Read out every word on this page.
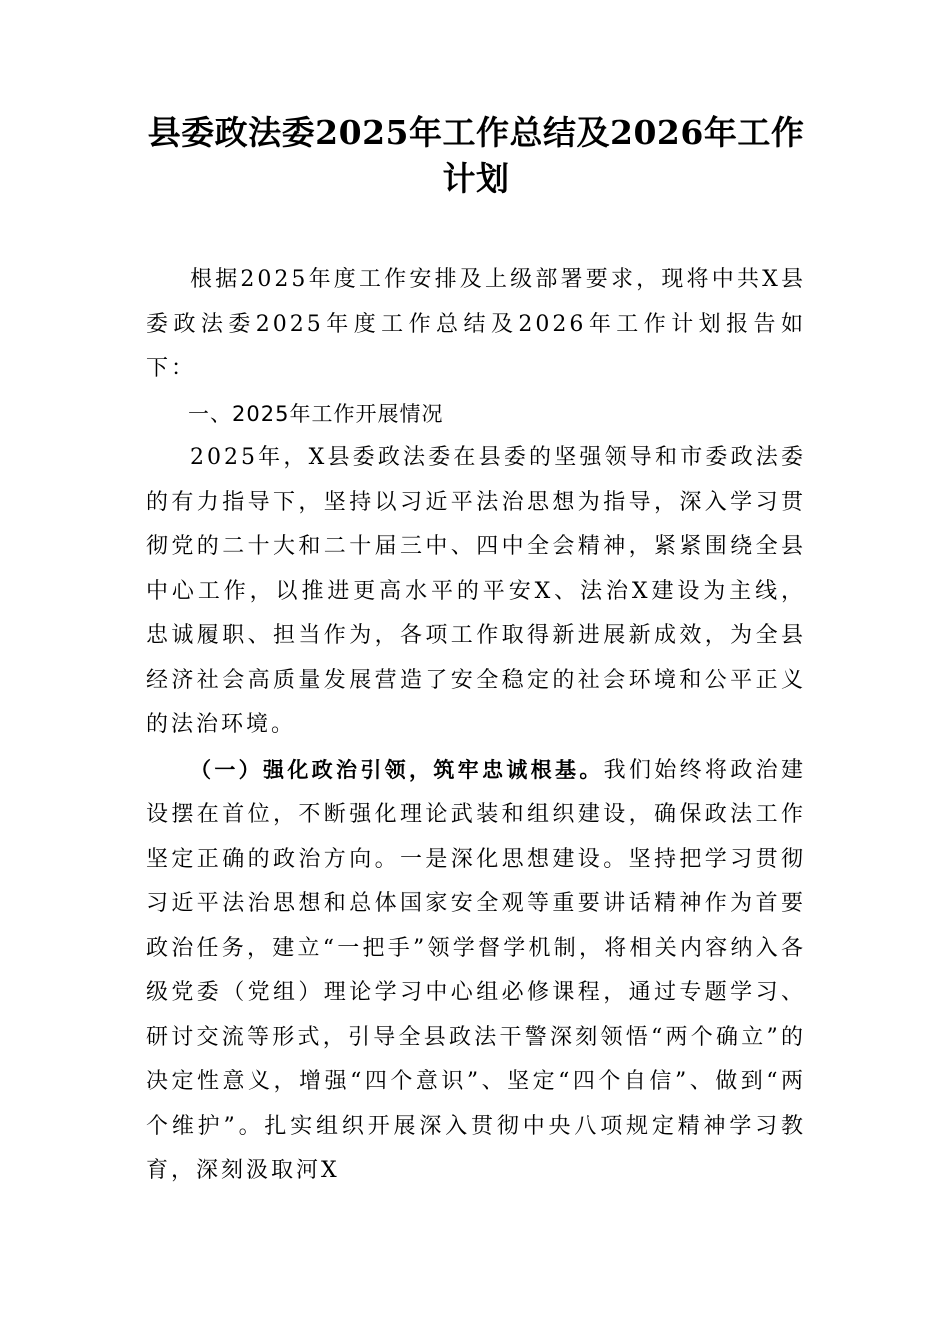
县委政法委2025年工作总结及2026年工作计划

根据2025年度工作安排及上级部署要求，现将中共X县委政法委2025年度工作总结及2026年工作计划报告如下：

一、2025年工作开展情况

2025年，X县委政法委在县委的坚强领导和市委政法委的有力指导下，坚持以习近平法治思想为指导，深入学习贯彻党的二十大和二十届三中、四中全会精神，紧紧围绕全县中心工作，以推进更高水平的平安X、法治X建设为主线，忠诚履职、担当作为，各项工作取得新进展新成效，为全县经济社会高质量发展营造了安全稳定的社会环境和公平正义的法治环境。

（一）强化政治引领，筑牢忠诚根基。我们始终将政治建设摆在首位，不断强化理论武装和组织建设，确保政法工作坚定正确的政治方向。一是深化思想建设。坚持把学习贯彻习近平法治思想和总体国家安全观等重要讲话精神作为首要政治任务，建立“一把手”领学督学机制，将相关内容纳入各级党委（党组）理论学习中心组必修课程，通过专题学习、研讨交流等形式，引导全县政法干警深刻领悟“两个确立”的决定性意义，增强“四个意识”、坚定“四个自信”、做到“两个维护”。扎实组织开展深入贯彻中央八项规定精神学习教育，深刻汲取河X
